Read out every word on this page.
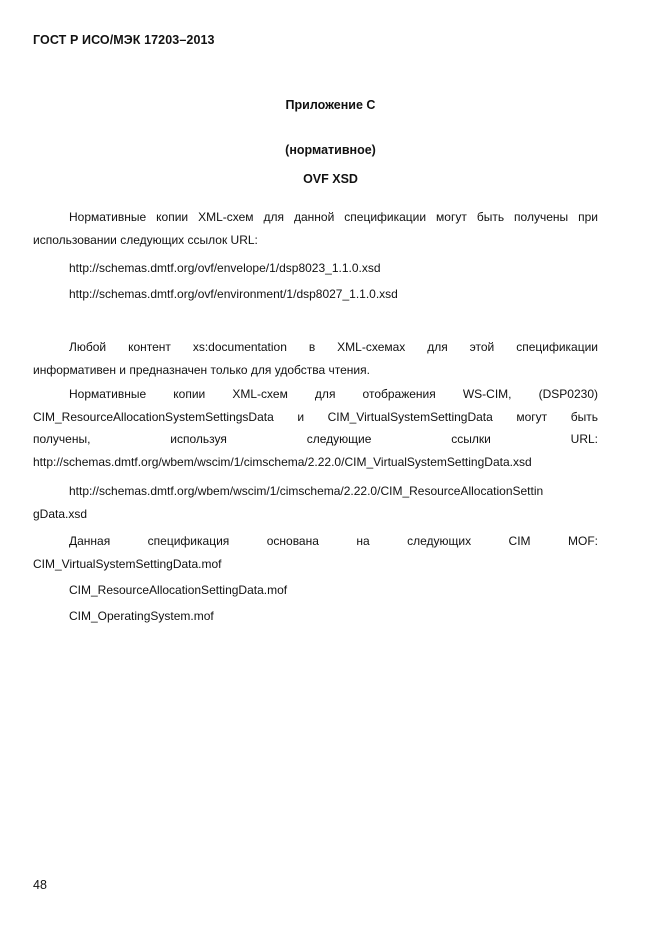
ГОСТ Р ИСО/МЭК 17203–2013
Приложение С
(нормативное)
OVF XSD
Нормативные копии XML-схем для данной спецификации могут быть получены при
использовании следующих ссылок URL:
http://schemas.dmtf.org/ovf/envelope/1/dsp8023_1.1.0.xsd
http://schemas.dmtf.org/ovf/environment/1/dsp8027_1.1.0.xsd
Любой контент xs:documentation в XML-схемах для этой спецификации
информативен и предназначен только для удобства чтения.
Нормативные копии XML-схем для отображения WS-CIM, (DSP0230)
CIM_ResourceAllocationSystemSettingsData и CIM_VirtualSystemSettingData могут быть
получены, используя следующие ссылки URL:
http://schemas.dmtf.org/wbem/wscim/1/cimschema/2.22.0/CIM_VirtualSystemSettingData.xsd
http://schemas.dmtf.org/wbem/wscim/1/cimschema/2.22.0/CIM_ResourceAllocationSettin
gData.xsd
Данная спецификация основана на следующих CIM MOF:
CIM_VirtualSystemSettingData.mof
CIM_ResourceAllocationSettingData.mof
CIM_OperatingSystem.mof
48
